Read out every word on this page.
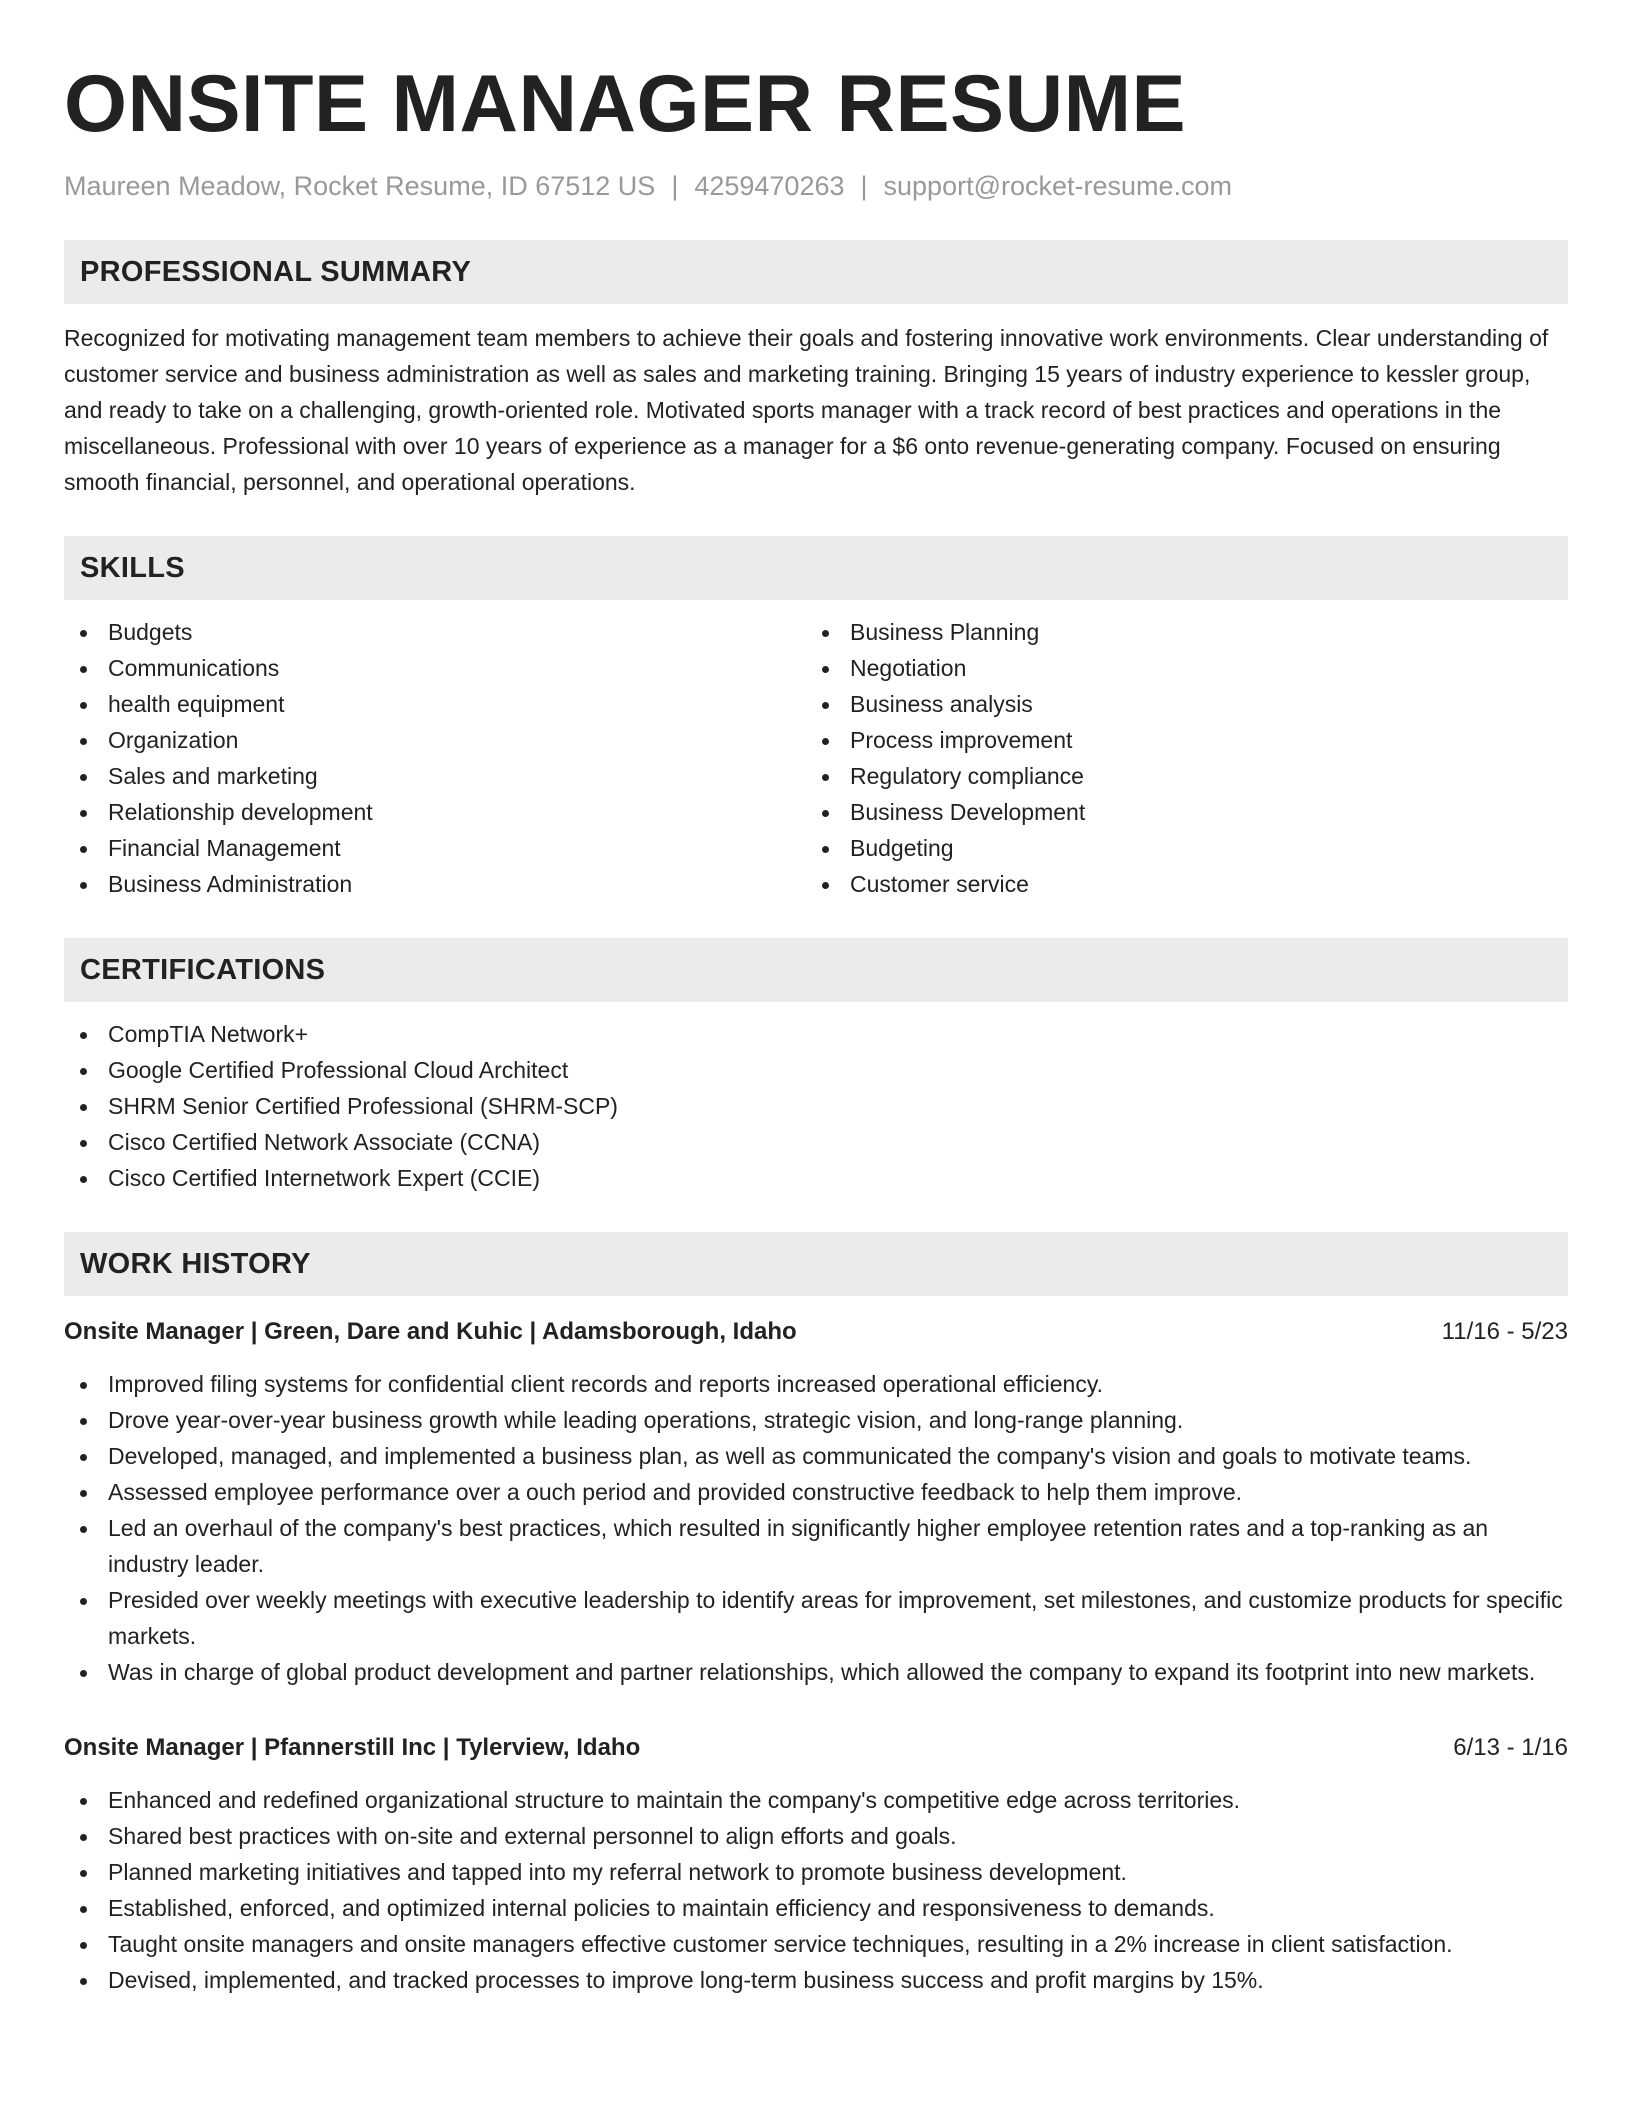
ONSITE MANAGER RESUME
Maureen Meadow, Rocket Resume, ID 67512 US | 4259470263 | support@rocket-resume.com
PROFESSIONAL SUMMARY
Recognized for motivating management team members to achieve their goals and fostering innovative work environments. Clear understanding of customer service and business administration as well as sales and marketing training. Bringing 15 years of industry experience to kessler group, and ready to take on a challenging, growth-oriented role. Motivated sports manager with a track record of best practices and operations in the miscellaneous. Professional with over 10 years of experience as a manager for a $6 onto revenue-generating company. Focused on ensuring smooth financial, personnel, and operational operations.
SKILLS
Budgets
Communications
health equipment
Organization
Sales and marketing
Relationship development
Financial Management
Business Administration
Business Planning
Negotiation
Business analysis
Process improvement
Regulatory compliance
Business Development
Budgeting
Customer service
CERTIFICATIONS
CompTIA Network+
Google Certified Professional Cloud Architect
SHRM Senior Certified Professional (SHRM-SCP)
Cisco Certified Network Associate (CCNA)
Cisco Certified Internetwork Expert (CCIE)
WORK HISTORY
Onsite Manager | Green, Dare and Kuhic | Adamsborough, Idaho	11/16 - 5/23
Improved filing systems for confidential client records and reports increased operational efficiency.
Drove year-over-year business growth while leading operations, strategic vision, and long-range planning.
Developed, managed, and implemented a business plan, as well as communicated the company's vision and goals to motivate teams.
Assessed employee performance over a ouch period and provided constructive feedback to help them improve.
Led an overhaul of the company's best practices, which resulted in significantly higher employee retention rates and a top-ranking as an industry leader.
Presided over weekly meetings with executive leadership to identify areas for improvement, set milestones, and customize products for specific markets.
Was in charge of global product development and partner relationships, which allowed the company to expand its footprint into new markets.
Onsite Manager | Pfannerstill Inc | Tylerview, Idaho	6/13 - 1/16
Enhanced and redefined organizational structure to maintain the company's competitive edge across territories.
Shared best practices with on-site and external personnel to align efforts and goals.
Planned marketing initiatives and tapped into my referral network to promote business development.
Established, enforced, and optimized internal policies to maintain efficiency and responsiveness to demands.
Taught onsite managers and onsite managers effective customer service techniques, resulting in a 2% increase in client satisfaction.
Devised, implemented, and tracked processes to improve long-term business success and profit margins by 15%.
